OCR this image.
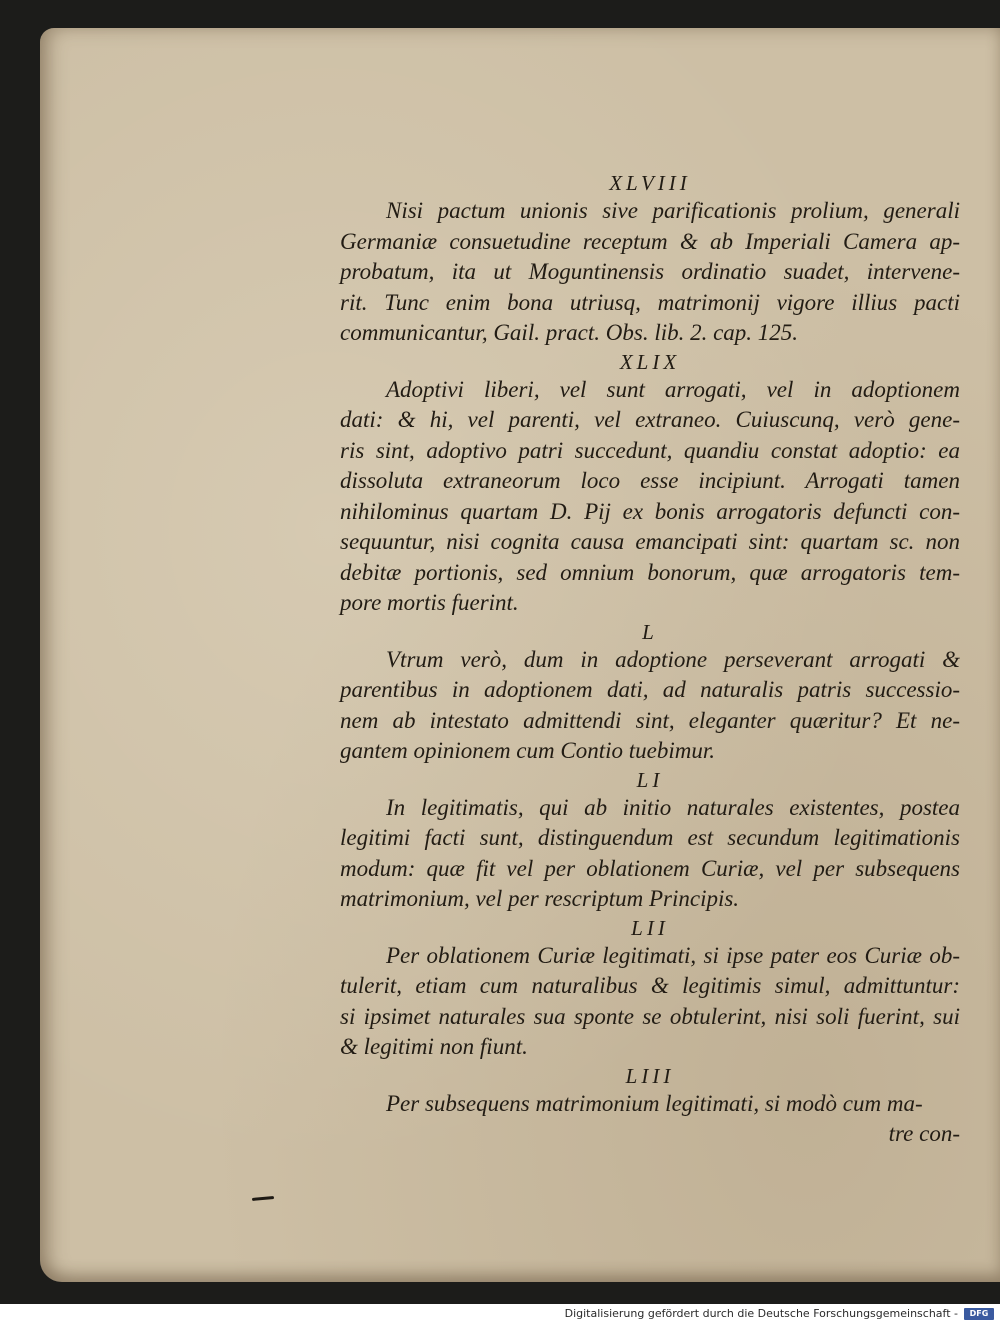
XLVIII
Nisi pactum unionis sive parificationis prolium, generali
Germaniæ consuetudine receptum & ab Imperiali Camera ap-
probatum, ita ut Moguntinensis ordinatio suadet, intervene-
rit. Tunc enim bona utriusq, matrimonij vigore illius pacti
communicantur, Gail. pract. Obs. lib. 2. cap. 125.
XLIX
Adoptivi liberi, vel sunt arrogati, vel in adoptionem
dati: & hi, vel parenti, vel extraneo. Cuiuscunq, verò gene-
ris sint, adoptivo patri succedunt, quandiu constat adoptio: ea
dissoluta extraneorum loco esse incipiunt. Arrogati tamen
nihilominus quartam D. Pij ex bonis arrogatoris defuncti con-
sequuntur, nisi cognita causa emancipati sint: quartam sc. non
debitæ portionis, sed omnium bonorum, quæ arrogatoris tem-
pore mortis fuerint.
L
Vtrum verò, dum in adoptione perseverant arrogati &
parentibus in adoptionem dati, ad naturalis patris successio-
nem ab intestato admittendi sint, eleganter quæritur? Et ne-
gantem opinionem cum Contio tuebimur.
LI
In legitimatis, qui ab initio naturales existentes, postea
legitimi facti sunt, distinguendum est secundum legitimationis
modum: quæ fit vel per oblationem Curiæ, vel per subsequens
matrimonium, vel per rescriptum Principis.
LII
Per oblationem Curiæ legitimati, si ipse pater eos Curiæ ob-
tulerit, etiam cum naturalibus & legitimis simul, admittuntur:
si ipsimet naturales sua sponte se obtulerint, nisi soli fuerint, sui
& legitimi non fiunt.
LIII
Per subsequens matrimonium legitimati, si modò cum ma-
tre con-
Digitalisierung gefördert durch die Deutsche Forschungsgemeinschaft - DFG
